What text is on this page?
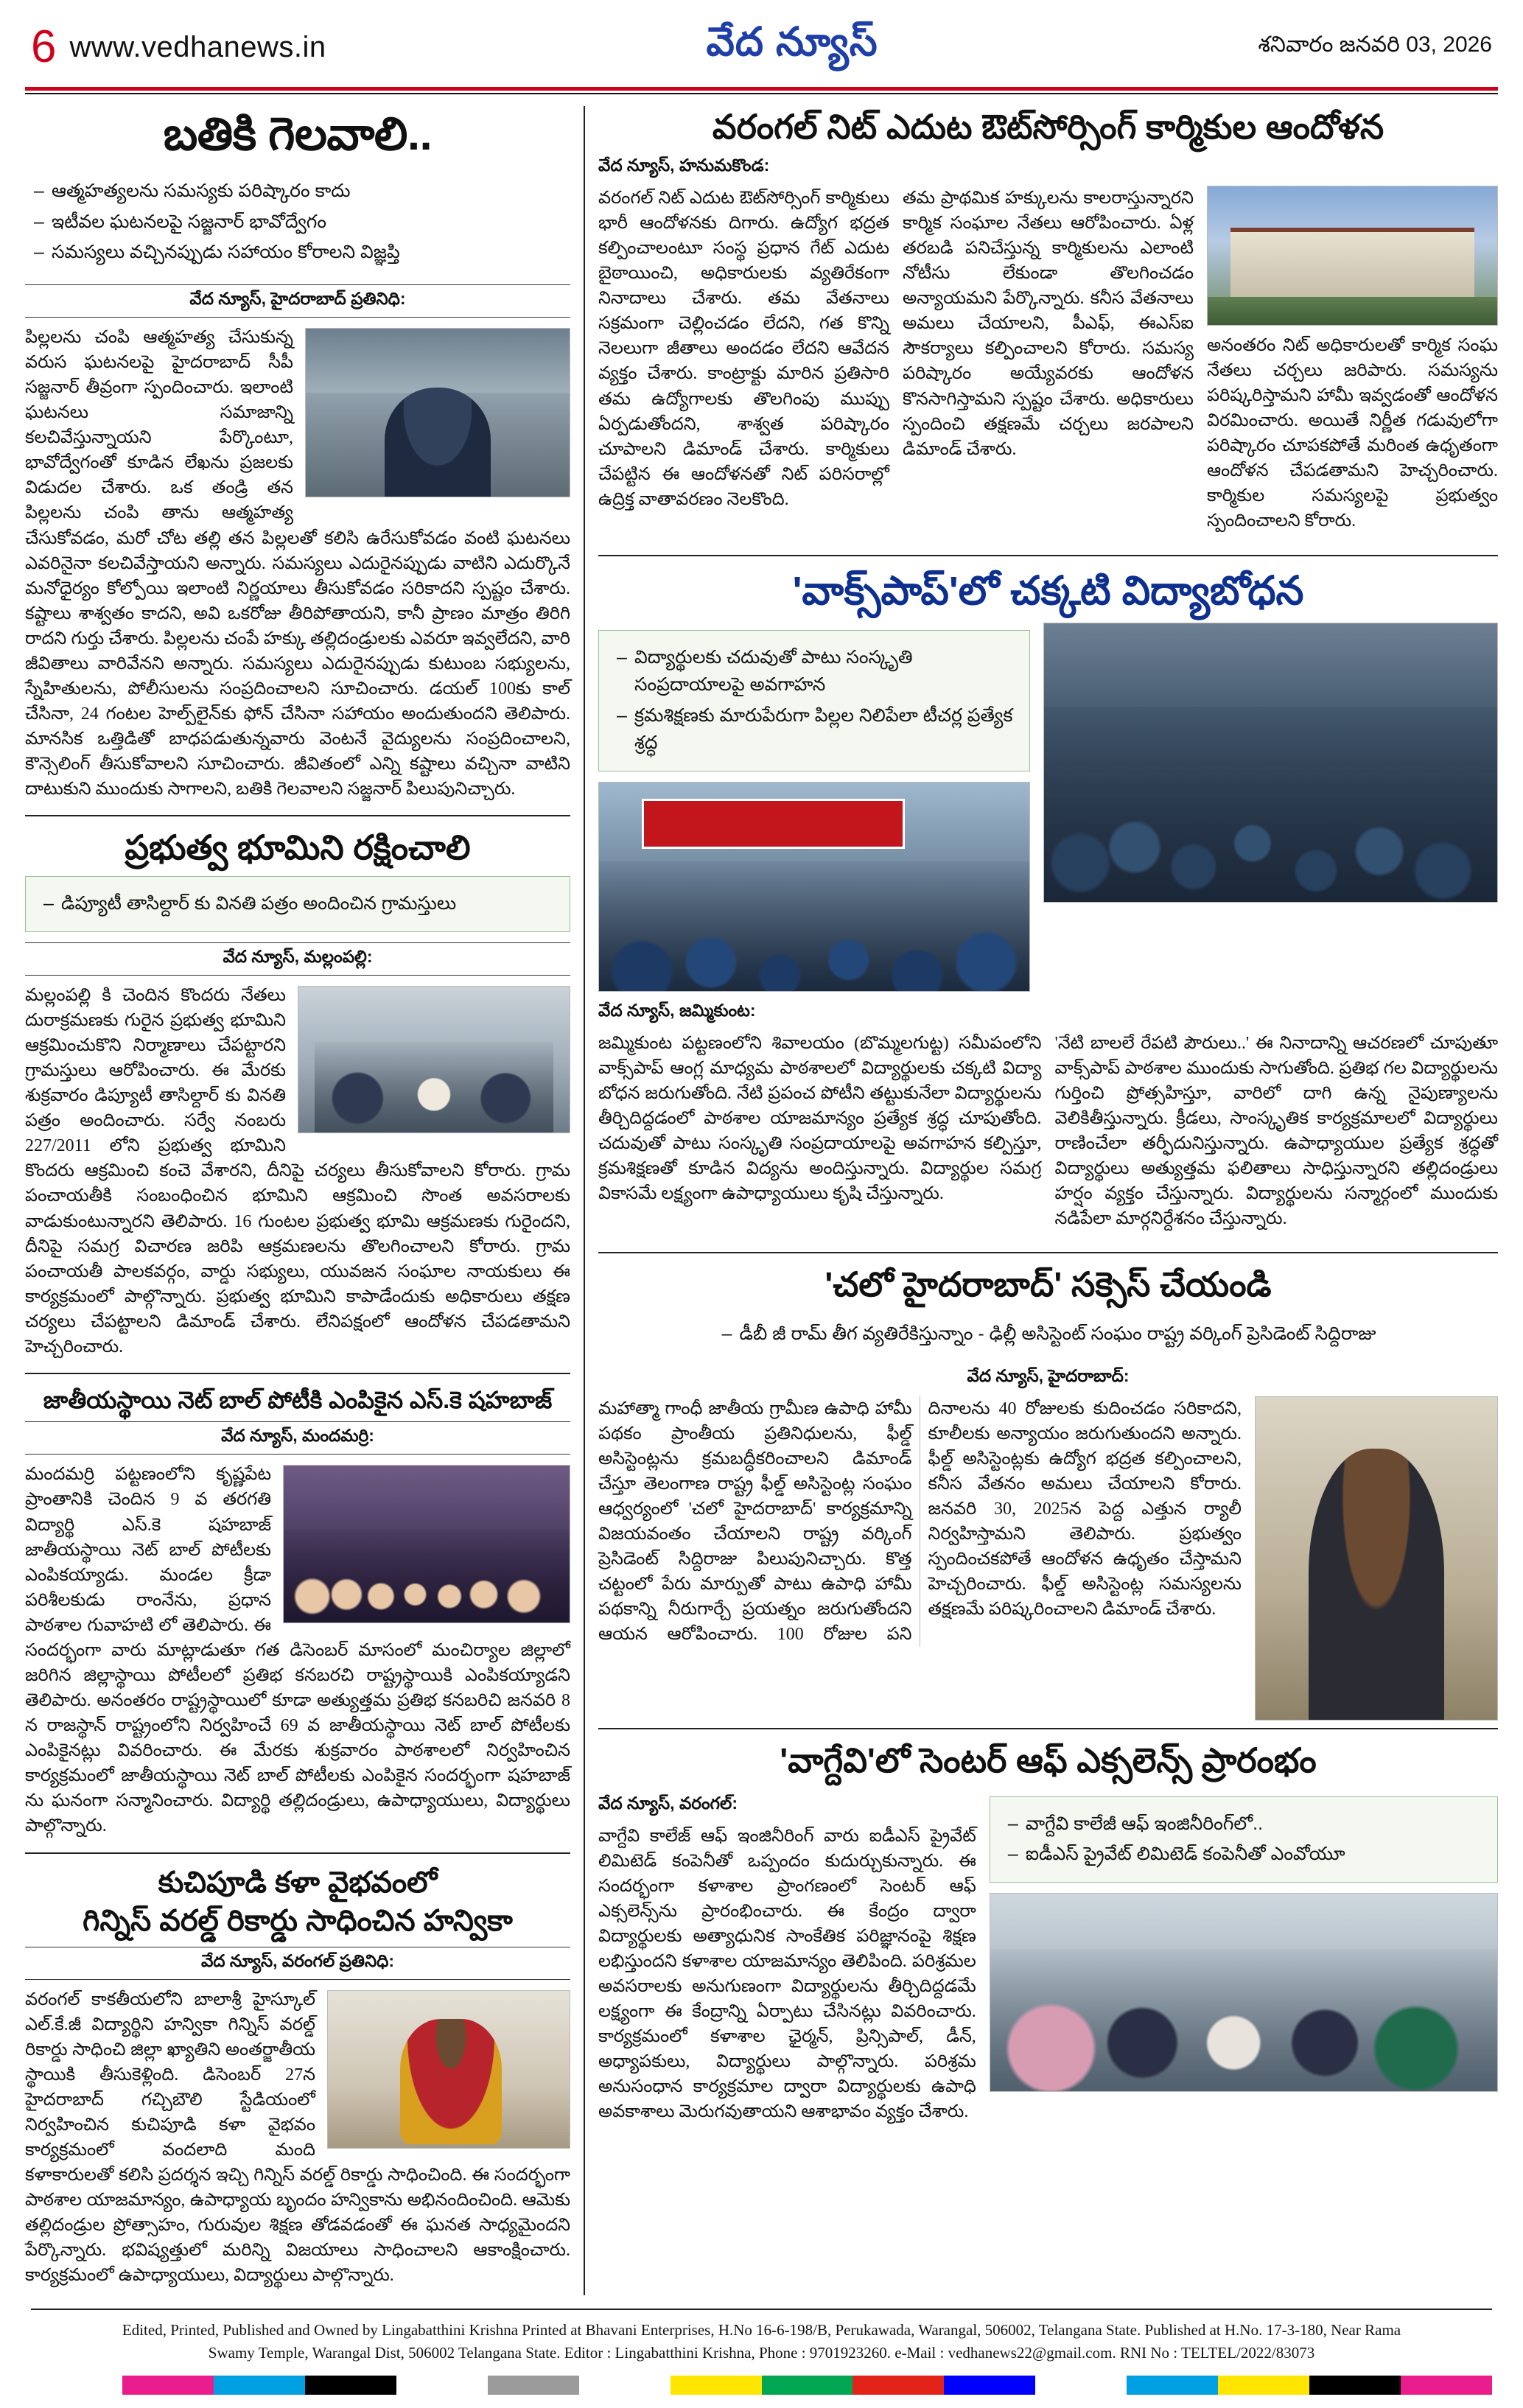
6 www.vedhanews.in	వేద న్యూస్	శనివారం జనవరి 03, 2026
బతికి గెలవాలి..
– ఆత్మహత్యలను సమస్యకు పరిష్కారం కాదు
– ఇటీవల ఘటనలపై సజ్జనార్ భావోద్వేగం
– సమస్యలు వచ్చినప్పుడు సహాయం కోరాలని విజ్ఞప్తి
వేద న్యూస్, హైదరాబాద్ ప్రతినిధి:

పిల్లలను చంపి ఆత్మహత్య చేసుకున్న వరుస ఘటనలపై హైదరాబాద్ సీపీ సజ్జనార్ తీవ్రంగా స్పందించారు. ఇలాంటి ఘటనలు సమాజాన్ని కలచివేస్తున్నాయని పేర్కొంటూ, భావోద్వేగంతో కూడిన లేఖను ప్రజలకు విడుదల చేశారు. ఒక తండ్రి తన పిల్లలను చంపి తాను ఆత్మహత్య చేసుకోవడం, మరో చోట తల్లి తన పిల్లలతో కలిసి ఉరేసుకోవడం వంటి ఘటనలు ఎవరినైనా కలచివేస్తాయని అన్నారు. సమస్యలు ఎదురైనప్పుడు వాటిని ఎదుర్కొనే మనోధైర్యం కోల్పోయి ఇలాంటి నిర్ణయాలు తీసుకోవడం సరికాదని స్పష్టం చేశారు. కష్టాలు శాశ్వతం కాదని, అవి ఒకరోజు తీరిపోతాయని, కానీ ప్రాణం మాత్రం తిరిగి రాదని గుర్తు చేశారు. పిల్లలను చంపే హక్కు తల్లిదండ్రులకు ఎవరూ ఇవ్వలేదని, వారి జీవితాలు వారివేనని అన్నారు. సమస్యలు ఎదురైనప్పుడు కుటుంబ సభ్యులను, స్నేహితులను, పోలీసులను సంప్రదించాలని సూచించారు. డయల్ 100కు కాల్ చేసినా, 24 గంటల హెల్ప్‌లైన్‌కు ఫోన్ చేసినా సహాయం అందుతుందని తెలిపారు. మానసిక ఒత్తిడితో బాధపడుతున్నవారు వెంటనే వైద్యులను సంప్రదించాలని, కౌన్సెలింగ్ తీసుకోవాలని సూచించారు. జీవితంలో ఎన్ని కష్టాలు వచ్చినా వాటిని దాటుకుని ముందుకు సాగాలని, బతికి గెలవాలని సజ్జనార్ పిలుపునిచ్చారు.

ప్రభుత్వ భూమిని రక్షించాలి
– డిప్యూటీ తాసిల్దార్ కు వినతి పత్రం అందించిన గ్రామస్తులు
వేద న్యూస్, మల్లంపల్లి:

మల్లంపల్లి కి చెందిన కొందరు నేతలు దురాక్రమణకు గురైన ప్రభుత్వ భూమిని ఆక్రమించుకొని నిర్మాణాలు చేపట్టారని గ్రామస్తులు ఆరోపించారు. ఈ మేరకు శుక్రవారం డిప్యూటీ తాసిల్దార్ కు వినతి పత్రం అందించారు. సర్వే నంబరు 227/2011 లోని ప్రభుత్వ భూమిని కొందరు ఆక్రమించి కంచె వేశారని, దీనిపై చర్యలు తీసుకోవాలని కోరారు. గ్రామ పంచాయతీకి సంబంధించిన భూమిని ఆక్రమించి సొంత అవసరాలకు వాడుకుంటున్నారని తెలిపారు. 16 గుంటల ప్రభుత్వ భూమి ఆక్రమణకు గురైందని, దీనిపై సమగ్ర విచారణ జరిపి ఆక్రమణలను తొలగించాలని కోరారు. గ్రామ పంచాయతీ పాలకవర్గం, వార్డు సభ్యులు, యువజన సంఘాల నాయకులు ఈ కార్యక్రమంలో పాల్గొన్నారు. ప్రభుత్వ భూమిని కాపాడేందుకు అధికారులు తక్షణ చర్యలు చేపట్టాలని డిమాండ్ చేశారు. లేనిపక్షంలో ఆందోళన చేపడతామని హెచ్చరించారు.

జాతీయస్థాయి నెట్ బాల్ పోటీకి ఎంపికైన ఎస్.కె షహబాజ్
వేద న్యూస్, మందమర్రి:

మందమర్రి పట్టణంలోని కృష్ణపేట ప్రాంతానికి చెందిన 9 వ తరగతి విద్యార్థి ఎస్.కె షహబాజ్ జాతీయస్థాయి నెట్ బాల్ పోటీలకు ఎంపికయ్యాడు. మండల క్రీడా పరిశీలకుడు రాంనేను, ప్రధాన పాఠశాల గువాహటి లో తెలిపారు. ఈ సందర్భంగా వారు మాట్లాడుతూ గత డిసెంబర్ మాసంలో మంచిర్యాల జిల్లాలో జరిగిన జిల్లాస్థాయి పోటీలలో ప్రతిభ కనబరచి రాష్ట్రస్థాయికి ఎంపికయ్యాడని తెలిపారు. అనంతరం రాష్ట్రస్థాయిలో కూడా అత్యుత్తమ ప్రతిభ కనబరిచి జనవరి 8 న రాజస్థాన్ రాష్ట్రంలోని నిర్వహించే 69 వ జాతీయస్థాయి నెట్ బాల్ పోటీలకు ఎంపికైనట్లు వివరించారు. ఈ మేరకు శుక్రవారం పాఠశాలలో నిర్వహించిన కార్యక్రమంలో జాతీయస్థాయి నెట్ బాల్ పోటీలకు ఎంపికైన సందర్భంగా షహబాజ్ ను ఘనంగా సన్మానించారు. విద్యార్థి తల్లిదండ్రులు, ఉపాధ్యాయులు, విద్యార్థులు పాల్గొన్నారు.

కుచిపూడి కళా వైభవంలో
గిన్నిస్ వరల్డ్ రికార్డు సాధించిన హన్వికా
వేద న్యూస్, వరంగల్ ప్రతినిధి:

వరంగల్ కాకతీయలోని బాలాశ్రీ హైస్కూల్ ఎల్.కే.జీ విద్యార్థిని హన్వికా గిన్నిస్ వరల్డ్ రికార్డు సాధించి జిల్లా ఖ్యాతిని అంతర్జాతీయ స్థాయికి తీసుకెళ్లింది. డిసెంబర్ 27న హైదరాబాద్ గచ్చిబౌలి స్టేడియంలో నిర్వహించిన కుచిపూడి కళా వైభవం కార్యక్రమంలో వందలాది మంది కళాకారులతో కలిసి ప్రదర్శన ఇచ్చి గిన్నిస్ వరల్డ్ రికార్డు సాధించింది. ఈ సందర్భంగా పాఠశాల యాజమాన్యం, ఉపాధ్యాయ బృందం హన్వికాను అభినందించింది. ఆమెకు తల్లిదండ్రుల ప్రోత్సాహం, గురువుల శిక్షణ తోడవడంతో ఈ ఘనత సాధ్యమైందని పేర్కొన్నారు. భవిష్యత్తులో మరిన్ని విజయాలు సాధించాలని ఆకాంక్షించారు. కార్యక్రమంలో ఉపాధ్యాయులు, విద్యార్థులు పాల్గొన్నారు.

వరంగల్ నిట్ ఎదుట ఔట్‌సోర్సింగ్ కార్మికుల ఆందోళన
వేద న్యూస్, హనుమకొండ:

వరంగల్ నిట్ ఎదుట ఔట్‌సోర్సింగ్ కార్మికులు భారీ ఆందోళనకు దిగారు. ఉద్యోగ భద్రత కల్పించాలంటూ సంస్థ ప్రధాన గేట్ ఎదుట బైఠాయించి, అధికారులకు వ్యతిరేకంగా నినాదాలు చేశారు. తమ వేతనాలు సక్రమంగా చెల్లించడం లేదని, గత కొన్ని నెలలుగా జీతాలు అందడం లేదని ఆవేదన వ్యక్తం చేశారు. కాంట్రాక్టు మారిన ప్రతిసారి తమ ఉద్యోగాలకు తొలగింపు ముప్పు ఏర్పడుతోందని, శాశ్వత పరిష్కారం చూపాలని డిమాండ్ చేశారు. కార్మికులు చేపట్టిన ఈ ఆందోళనతో నిట్ పరిసరాల్లో ఉద్రిక్త వాతావరణం నెలకొంది.

తమ ప్రాథమిక హక్కులను కాలరాస్తున్నారని కార్మిక సంఘాల నేతలు ఆరోపించారు. ఏళ్ల తరబడి పనిచేస్తున్న కార్మికులను ఎలాంటి నోటీసు లేకుండా తొలగించడం అన్యాయమని పేర్కొన్నారు. కనీస వేతనాలు అమలు చేయాలని, పీఎఫ్, ఈఎస్‌ఐ సౌకర్యాలు కల్పించాలని కోరారు. సమస్య పరిష్కారం అయ్యేవరకు ఆందోళన కొనసాగిస్తామని స్పష్టం చేశారు. అధికారులు స్పందించి తక్షణమే చర్చలు జరపాలని డిమాండ్ చేశారు.

అనంతరం నిట్ అధికారులతో కార్మిక సంఘ నేతలు చర్చలు జరిపారు. సమస్యను పరిష్కరిస్తామని హామీ ఇవ్వడంతో ఆందోళన విరమించారు. అయితే నిర్ణీత గడువులోగా పరిష్కారం చూపకపోతే మరింత ఉధృతంగా ఆందోళన చేపడతామని హెచ్చరించారు. కార్మికుల సమస్యలపై ప్రభుత్వం స్పందించాలని కోరారు.

'వాక్స్‌పాప్'లో చక్కటి విద్యాబోధన
– విద్యార్థులకు చదువుతో పాటు సంస్కృతి సంప్రదాయాలపై అవగాహన
– క్రమశిక్షణకు మారుపేరుగా పిల్లల నిలిపేలా టీచర్ల ప్రత్యేక శ్రద్ధ
వేద న్యూస్, జమ్మికుంట:

జమ్మికుంట పట్టణంలోని శివాలయం (బొమ్మలగుట్ట) సమీపంలోని వాక్స్‌పాప్ ఆంగ్ల మాధ్యమ పాఠశాలలో విద్యార్థులకు చక్కటి విద్యా బోధన జరుగుతోంది. నేటి ప్రపంచ పోటీని తట్టుకునేలా విద్యార్థులను తీర్చిదిద్దడంలో పాఠశాల యాజమాన్యం ప్రత్యేక శ్రద్ధ చూపుతోంది. చదువుతో పాటు సంస్కృతి సంప్రదాయాలపై అవగాహన కల్పిస్తూ, క్రమశిక్షణతో కూడిన విద్యను అందిస్తున్నారు. విద్యార్థుల సమగ్ర వికాసమే లక్ష్యంగా ఉపాధ్యాయులు కృషి చేస్తున్నారు.

'నేటి బాలలే రేపటి పౌరులు..' ఈ నినాదాన్ని ఆచరణలో చూపుతూ వాక్స్‌పాప్ పాఠశాల ముందుకు సాగుతోంది. ప్రతిభ గల విద్యార్థులను గుర్తించి ప్రోత్సహిస్తూ, వారిలో దాగి ఉన్న నైపుణ్యాలను వెలికితీస్తున్నారు. క్రీడలు, సాంస్కృతిక కార్యక్రమాలలో విద్యార్థులు రాణించేలా తర్ఫీదునిస్తున్నారు. ఉపాధ్యాయుల ప్రత్యేక శ్రద్ధతో విద్యార్థులు అత్యుత్తమ ఫలితాలు సాధిస్తున్నారని తల్లిదండ్రులు హర్షం వ్యక్తం చేస్తున్నారు. విద్యార్థులను సన్మార్గంలో ముందుకు నడిపేలా మార్గనిర్దేశనం చేస్తున్నారు.

'చలో హైదరాబాద్' సక్సెస్ చేయండి
– డీబీ జీ రామ్ తీగ వ్యతిరేకిస్తున్నాం - ఢిల్లీ అసిస్టెంట్ సంఘం రాష్ట్ర వర్కింగ్ ప్రెసిడెంట్ సిద్దిరాజు
వేద న్యూస్, హైదరాబాద్:

మహాత్మా గాంధీ జాతీయ గ్రామీణ ఉపాధి హామీ పథకం ప్రాంతీయ ప్రతినిధులను, ఫీల్డ్ అసిస్టెంట్లను క్రమబద్ధీకరించాలని డిమాండ్ చేస్తూ తెలంగాణ రాష్ట్ర ఫీల్డ్ అసిస్టెంట్ల సంఘం ఆధ్వర్యంలో 'చలో హైదరాబాద్' కార్యక్రమాన్ని విజయవంతం చేయాలని రాష్ట్ర వర్కింగ్ ప్రెసిడెంట్ సిద్దిరాజు పిలుపునిచ్చారు. కొత్త చట్టంలో పేరు మార్పుతో పాటు ఉపాధి హామీ పథకాన్ని నీరుగార్చే ప్రయత్నం జరుగుతోందని ఆయన ఆరోపించారు. 100 రోజుల పని దినాలను 40 రోజులకు కుదించడం సరికాదని, కూలీలకు అన్యాయం జరుగుతుందని అన్నారు. ఫీల్డ్ అసిస్టెంట్లకు ఉద్యోగ భద్రత కల్పించాలని, కనీస వేతనం అమలు చేయాలని కోరారు. జనవరి 30, 2025న పెద్ద ఎత్తున ర్యాలీ నిర్వహిస్తామని తెలిపారు. ప్రభుత్వం స్పందించకపోతే ఆందోళన ఉధృతం చేస్తామని హెచ్చరించారు. ఫీల్డ్ అసిస్టెంట్ల సమస్యలను తక్షణమే పరిష్కరించాలని డిమాండ్ చేశారు.

'వాగ్దేవి'లో సెంటర్ ఆఫ్ ఎక్సలెన్స్ ప్రారంభం
వేద న్యూస్, వరంగల్:

వాగ్దేవి కాలేజ్ ఆఫ్ ఇంజినీరింగ్ వారు ఐడీఎస్ ప్రైవేట్ లిమిటెడ్ కంపెనీతో ఒప్పందం కుదుర్చుకున్నారు. ఈ సందర్భంగా కళాశాల ప్రాంగణంలో సెంటర్ ఆఫ్ ఎక్సలెన్స్‌ను ప్రారంభించారు. ఈ కేంద్రం ద్వారా విద్యార్థులకు అత్యాధునిక సాంకేతిక పరిజ్ఞానంపై శిక్షణ లభిస్తుందని కళాశాల యాజమాన్యం తెలిపింది. పరిశ్రమల అవసరాలకు అనుగుణంగా విద్యార్థులను తీర్చిదిద్దడమే లక్ష్యంగా ఈ కేంద్రాన్ని ఏర్పాటు చేసినట్లు వివరించారు. కార్యక్రమంలో కళాశాల ఛైర్మన్, ప్రిన్సిపాల్, డీన్, అధ్యాపకులు, విద్యార్థులు పాల్గొన్నారు. పరిశ్రమ అనుసంధాన కార్యక్రమాల ద్వారా విద్యార్థులకు ఉపాధి అవకాశాలు మెరుగవుతాయని ఆశాభావం వ్యక్తం చేశారు.

– వాగ్దేవి కాలేజీ ఆఫ్ ఇంజినీరింగ్‌లో..
– ఐడీఎస్ ప్రైవేట్ లిమిటెడ్ కంపెనీతో ఎంవోయూ
Edited, Printed, Published and Owned by Lingabatthini Krishna Printed at Bhavani Enterprises, H.No 16-6-198/B, Perukawada, Warangal, 506002, Telangana State. Published at H.No. 17-3-180, Near Rama
Swamy Temple, Warangal Dist, 506002 Telangana State. Editor : Lingabatthini Krishna, Phone : 9701923260. e-Mail : vedhanews22@gmail.com. RNI No : TELTEL/2022/83073
